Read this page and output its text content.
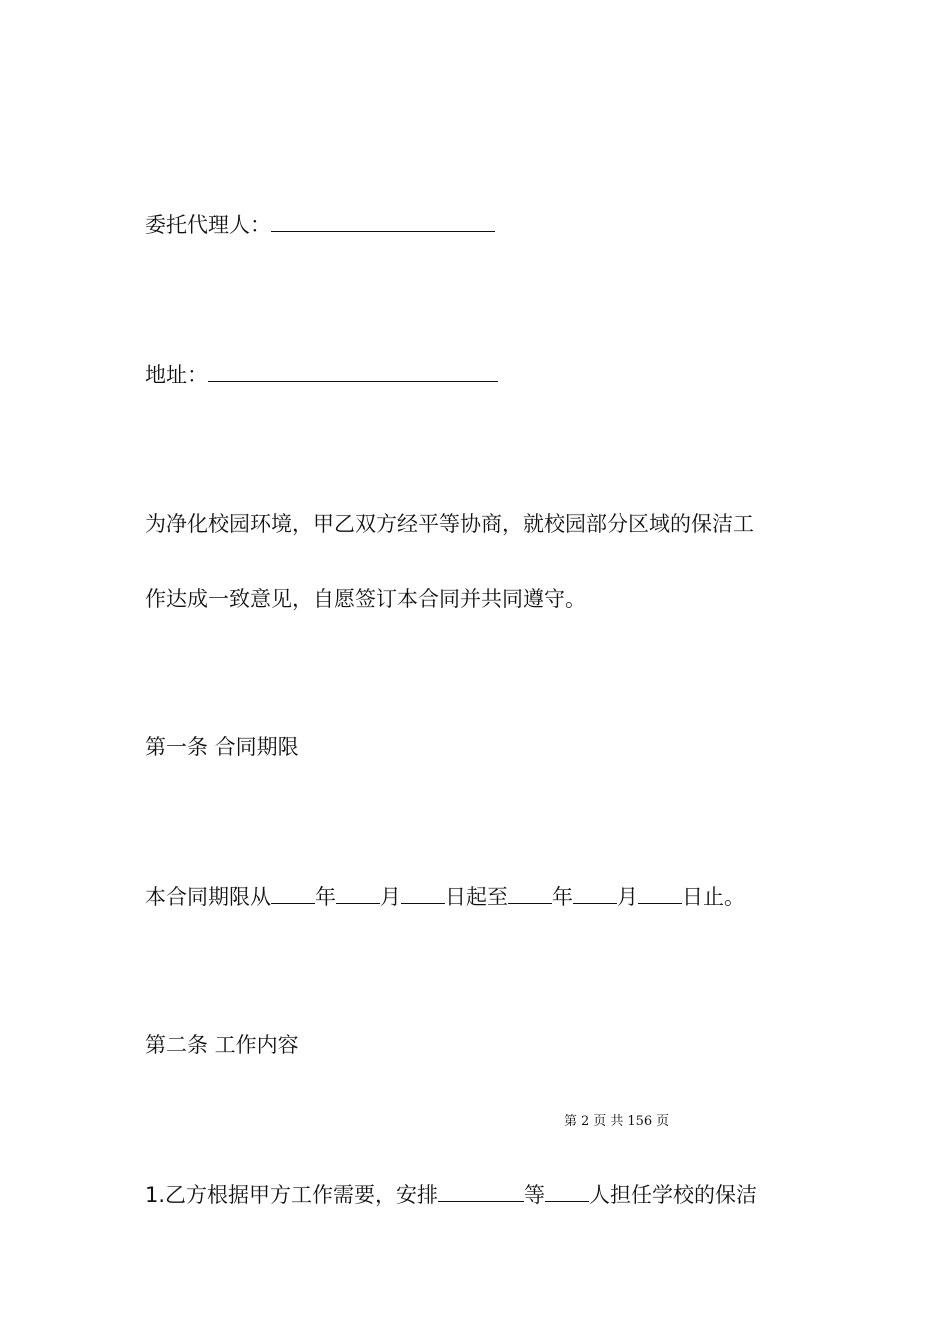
委托代理人：
地址：
为净化校园环境，甲乙双方经平等协商，就校园部分区域的保洁工
作达成一致意见，自愿签订本合同并共同遵守。
第一条 合同期限
本合同期限从 年 月 日起至 年 月 日止。
第二条 工作内容
第 2 页 共 156 页
1.乙方根据甲方工作需要，安排	等 人担任学校的保洁
